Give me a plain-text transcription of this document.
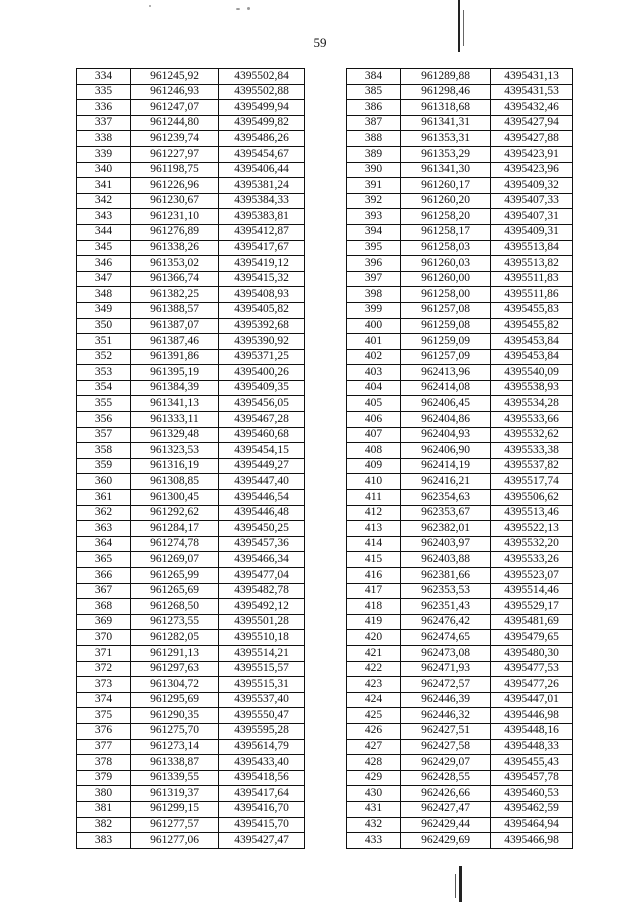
59
334	961245,92	4395502,84
335	961246,93	4395502,88
336	961247,07	4395499,94
337	961244,80	4395499,82
338	961239,74	4395486,26
339	961227,97	4395454,67
340	961198,75	4395406,44
341	961226,96	4395381,24
342	961230,67	4395384,33
343	961231,10	4395383,81
344	961276,89	4395412,87
345	961338,26	4395417,67
346	961353,02	4395419,12
347	961366,74	4395415,32
348	961382,25	4395408,93
349	961388,57	4395405,82
350	961387,07	4395392,68
351	961387,46	4395390,92
352	961391,86	4395371,25
353	961395,19	4395400,26
354	961384,39	4395409,35
355	961341,13	4395456,05
356	961333,11	4395467,28
357	961329,48	4395460,68
358	961323,53	4395454,15
359	961316,19	4395449,27
360	961308,85	4395447,40
361	961300,45	4395446,54
362	961292,62	4395446,48
363	961284,17	4395450,25
364	961274,78	4395457,36
365	961269,07	4395466,34
366	961265,99	4395477,04
367	961265,69	4395482,78
368	961268,50	4395492,12
369	961273,55	4395501,28
370	961282,05	4395510,18
371	961291,13	4395514,21
372	961297,63	4395515,57
373	961304,72	4395515,31
374	961295,69	4395537,40
375	961290,35	4395550,47
376	961275,70	4395595,28
377	961273,14	4395614,79
378	961338,87	4395433,40
379	961339,55	4395418,56
380	961319,37	4395417,64
381	961299,15	4395416,70
382	961277,57	4395415,70
383	961277,06	4395427,47
384	961289,88	4395431,13
385	961298,46	4395431,53
386	961318,68	4395432,46
387	961341,31	4395427,94
388	961353,31	4395427,88
389	961353,29	4395423,91
390	961341,30	4395423,96
391	961260,17	4395409,32
392	961260,20	4395407,33
393	961258,20	4395407,31
394	961258,17	4395409,31
395	961258,03	4395513,84
396	961260,03	4395513,82
397	961260,00	4395511,83
398	961258,00	4395511,86
399	961257,08	4395455,83
400	961259,08	4395455,82
401	961259,09	4395453,84
402	961257,09	4395453,84
403	962413,96	4395540,09
404	962414,08	4395538,93
405	962406,45	4395534,28
406	962404,86	4395533,66
407	962404,93	4395532,62
408	962406,90	4395533,38
409	962414,19	4395537,82
410	962416,21	4395517,74
411	962354,63	4395506,62
412	962353,67	4395513,46
413	962382,01	4395522,13
414	962403,97	4395532,20
415	962403,88	4395533,26
416	962381,66	4395523,07
417	962353,53	4395514,46
418	962351,43	4395529,17
419	962476,42	4395481,69
420	962474,65	4395479,65
421	962473,08	4395480,30
422	962471,93	4395477,53
423	962472,57	4395477,26
424	962446,39	4395447,01
425	962446,32	4395446,98
426	962427,51	4395448,16
427	962427,58	4395448,33
428	962429,07	4395455,43
429	962428,55	4395457,78
430	962426,66	4395460,53
431	962427,47	4395462,59
432	962429,44	4395464,94
433	962429,69	4395466,98
